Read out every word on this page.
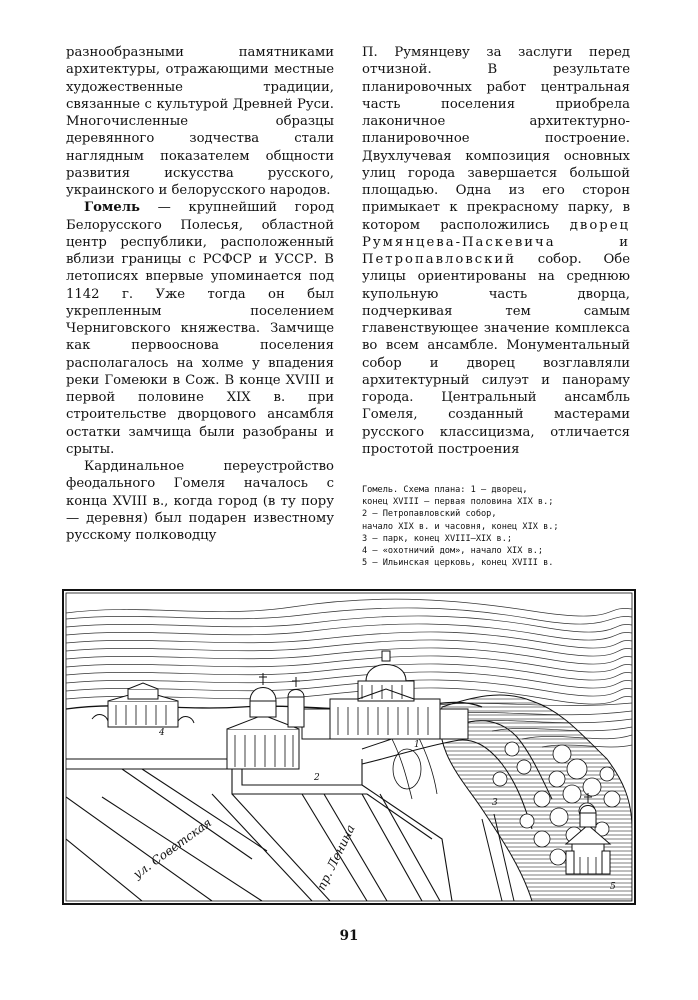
разнообразными памятниками архитектуры, отражающими местные художественные традиции, связанные с культурой Древней Руси. Многочисленные образцы деревянного зодчества стали наглядным показателем общности развития искусства русского, украинского и белорусского народов.

Гомель — крупнейший город Белорусского Полесья, областной центр республики, расположенный вблизи границы с РСФСР и УССР. В летописях впервые упоминается под 1142 г. Уже тогда он был укрепленным поселением Черниговского княжества. Замчище как первооснова поселения располагалось на холме у впадения реки Гомеюки в Сож. В конце XVIII и первой половине XIX в. при строительстве дворцового ансамбля остатки замчища были разобраны и срыты.

Кардинальное переустройство феодального Гомеля началось с конца XVIII в., когда город (в ту пору — деревня) был подарен известному русскому полководцу

П. Румянцеву за заслуги перед отчизной. В результате планировочных работ центральная часть поселения приобрела лаконичное архитектурно-планировочное построение. Двухлучевая композиция основных улиц города завершается большой площадью. Одна из его сторон примыкает к прекрасному парку, в котором расположились дворец Румянцева-Паскевича и Петропавловский собор. Обе улицы ориентированы на среднюю купольную часть дворца, подчеркивая тем самым главенствующее значение комплекса во всем ансамбле. Монументальный собор и дворец возглавляли архитектурный силуэт и панораму города. Центральный ансамбль Гомеля, созданный мастерами русского классицизма, отличается простотой построения

Гомель. Схема плана: 1 — дворец,
конец XVIII — первая половина XIX в.;
2 — Петропавловский собор,
начало XIX в. и часовня, конец XIX в.;
3 — парк, конец XVIII—XIX в.;
4 — «охотничий дом», начало XIX в.;
5 — Ильинская церковь, конец XVIII в.
1
2
3
4
5
ул. Советская	пр. Ленина
91
